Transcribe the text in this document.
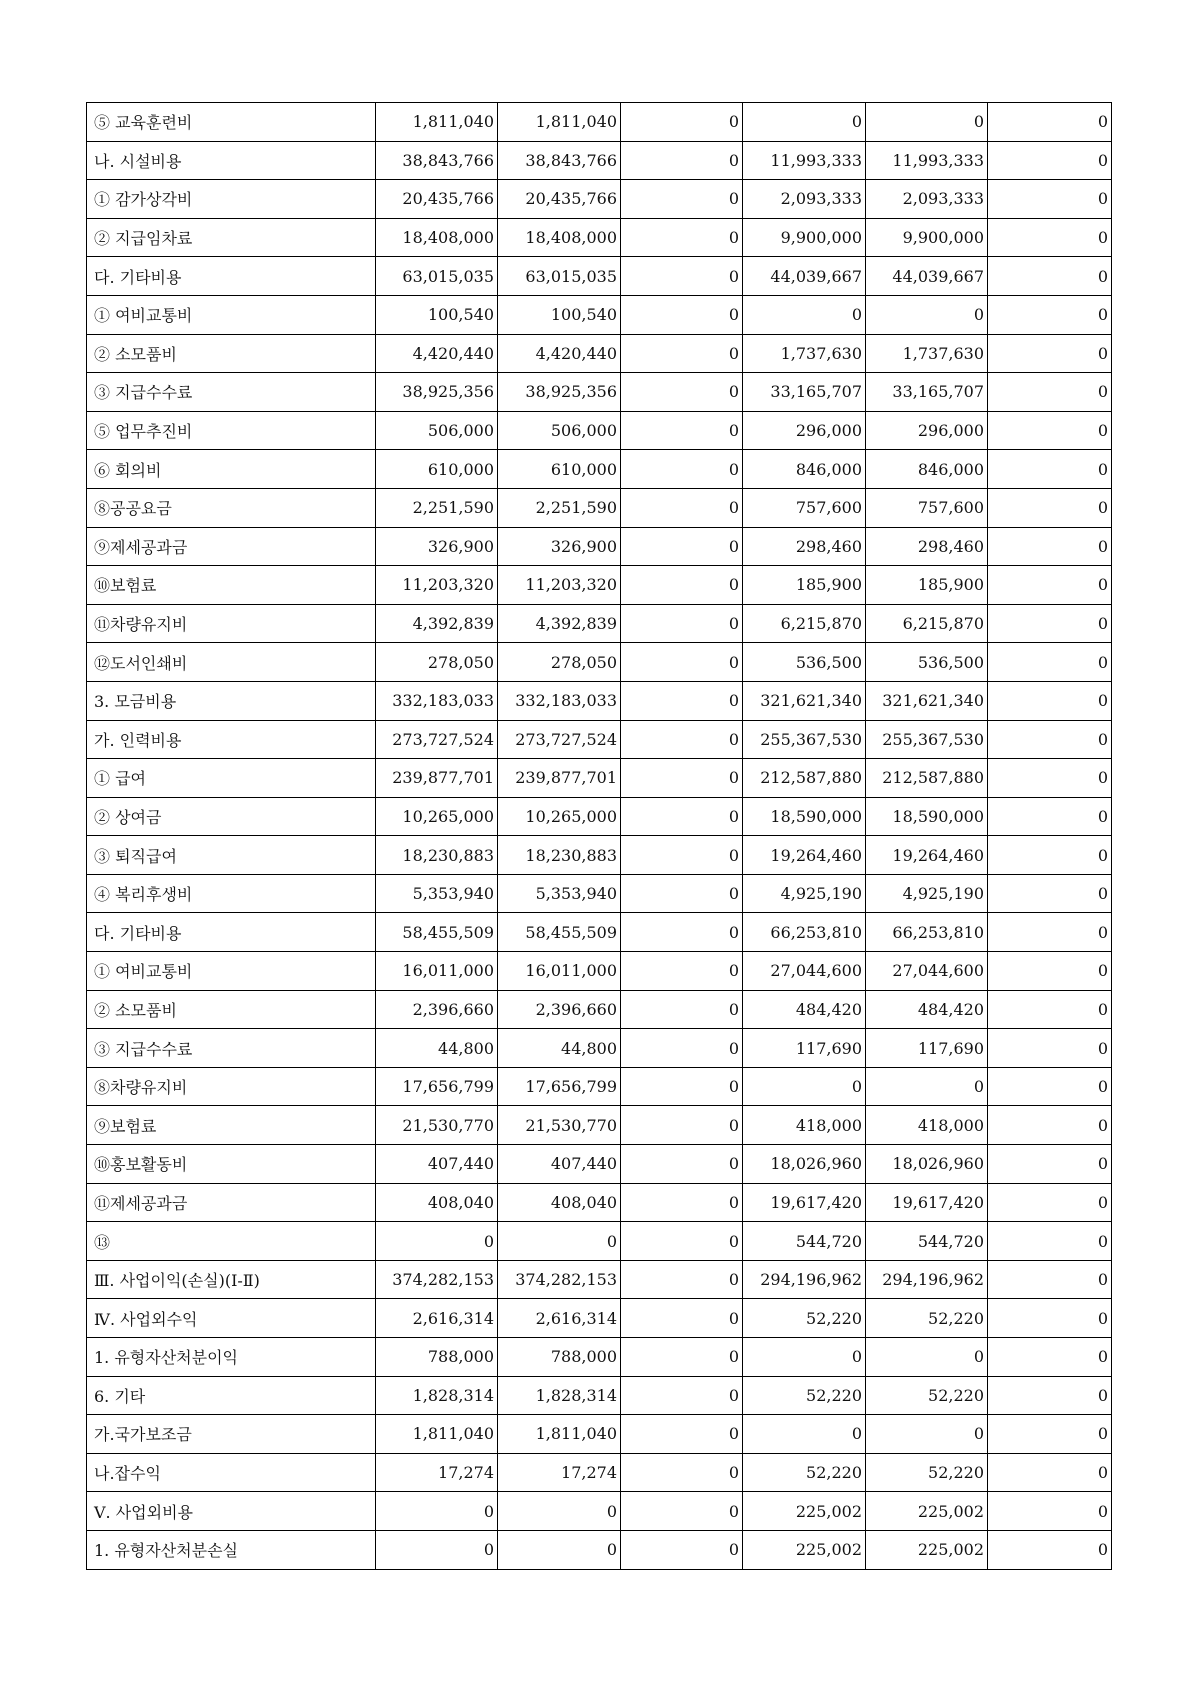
⑤ 교육훈련비	1,811,040	1,811,040	0	0	0	0
나. 시설비용	38,843,766	38,843,766	0	11,993,333	11,993,333	0
① 감가상각비	20,435,766	20,435,766	0	2,093,333	2,093,333	0
② 지급임차료	18,408,000	18,408,000	0	9,900,000	9,900,000	0
다. 기타비용	63,015,035	63,015,035	0	44,039,667	44,039,667	0
① 여비교통비	100,540	100,540	0	0	0	0
② 소모품비	4,420,440	4,420,440	0	1,737,630	1,737,630	0
③ 지급수수료	38,925,356	38,925,356	0	33,165,707	33,165,707	0
⑤ 업무추진비	506,000	506,000	0	296,000	296,000	0
⑥ 회의비	610,000	610,000	0	846,000	846,000	0
⑧공공요금	2,251,590	2,251,590	0	757,600	757,600	0
⑨제세공과금	326,900	326,900	0	298,460	298,460	0
⑩보험료	11,203,320	11,203,320	0	185,900	185,900	0
⑪차량유지비	4,392,839	4,392,839	0	6,215,870	6,215,870	0
⑫도서인쇄비	278,050	278,050	0	536,500	536,500	0
3. 모금비용	332,183,033	332,183,033	0	321,621,340	321,621,340	0
가. 인력비용	273,727,524	273,727,524	0	255,367,530	255,367,530	0
① 급여	239,877,701	239,877,701	0	212,587,880	212,587,880	0
② 상여금	10,265,000	10,265,000	0	18,590,000	18,590,000	0
③ 퇴직급여	18,230,883	18,230,883	0	19,264,460	19,264,460	0
④ 복리후생비	5,353,940	5,353,940	0	4,925,190	4,925,190	0
다. 기타비용	58,455,509	58,455,509	0	66,253,810	66,253,810	0
① 여비교통비	16,011,000	16,011,000	0	27,044,600	27,044,600	0
② 소모품비	2,396,660	2,396,660	0	484,420	484,420	0
③ 지급수수료	44,800	44,800	0	117,690	117,690	0
⑧차량유지비	17,656,799	17,656,799	0	0	0	0
⑨보험료	21,530,770	21,530,770	0	418,000	418,000	0
⑩홍보활동비	407,440	407,440	0	18,026,960	18,026,960	0
⑪제세공과금	408,040	408,040	0	19,617,420	19,617,420	0
⑬	0	0	0	544,720	544,720	0
Ⅲ. 사업이익(손실)(Ⅰ-Ⅱ)	374,282,153	374,282,153	0	294,196,962	294,196,962	0
Ⅳ. 사업외수익	2,616,314	2,616,314	0	52,220	52,220	0
1. 유형자산처분이익	788,000	788,000	0	0	0	0
6. 기타	1,828,314	1,828,314	0	52,220	52,220	0
가.국가보조금	1,811,040	1,811,040	0	0	0	0
나.잡수익	17,274	17,274	0	52,220	52,220	0
Ⅴ. 사업외비용	0	0	0	225,002	225,002	0
1. 유형자산처분손실	0	0	0	225,002	225,002	0
